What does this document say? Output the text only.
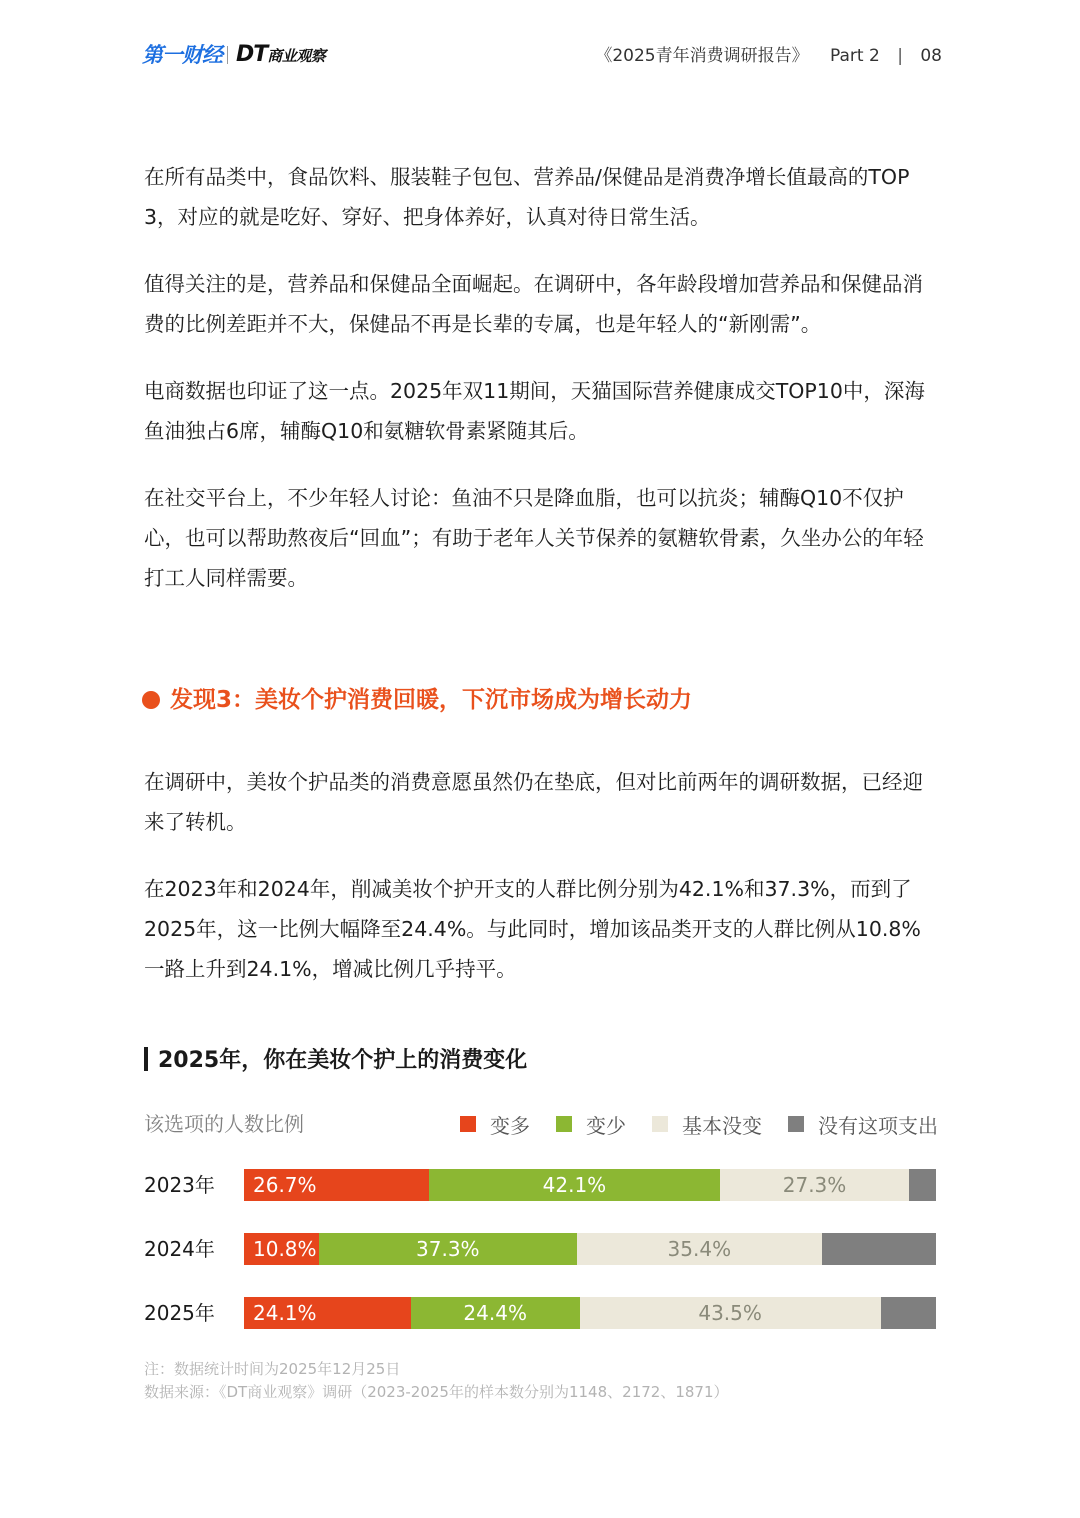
第一财经 DT商业观察	《2025青年消费调研报告》 Part 2 | 08

在所有品类中，食品饮料、服装鞋子包包、营养品/保健品是消费净增长值最高的TOP 3，对应的就是吃好、穿好、把身体养好，认真对待日常生活。

值得关注的是，营养品和保健品全面崛起。在调研中，各年龄段增加营养品和保健品消费的比例差距并不大，保健品不再是长辈的专属，也是年轻人的“新刚需”。

电商数据也印证了这一点。2025年双11期间，天猫国际营养健康成交TOP10中，深海鱼油独占6席，辅酶Q10和氨糖软骨素紧随其后。

在社交平台上，不少年轻人讨论：鱼油不只是降血脂，也可以抗炎；辅酶Q10不仅护心，也可以帮助熬夜后“回血”；有助于老年人关节保养的氨糖软骨素，久坐办公的年轻打工人同样需要。

发现3：美妆个护消费回暖，下沉市场成为增长动力

在调研中，美妆个护品类的消费意愿虽然仍在垫底，但对比前两年的调研数据，已经迎来了转机。

在2023年和2024年，削减美妆个护开支的人群比例分别为42.1%和37.3%，而到了2025年，这一比例大幅降至24.4%。与此同时，增加该品类开支的人群比例从10.8%一路上升到24.1%，增减比例几乎持平。

2025年，你在美妆个护上的消费变化
该选项的人数比例	变多	变少	基本没变	没有这项支出
2023年 26.7%	42.1%	27.3%
2024年 10.8%	37.3%	35.4%
2025年 24.1%	24.4%	43.5%
注：数据统计时间为2025年12月25日
数据来源：《DT商业观察》调研（2023-2025年的样本数分别为1148、2172、1871）
